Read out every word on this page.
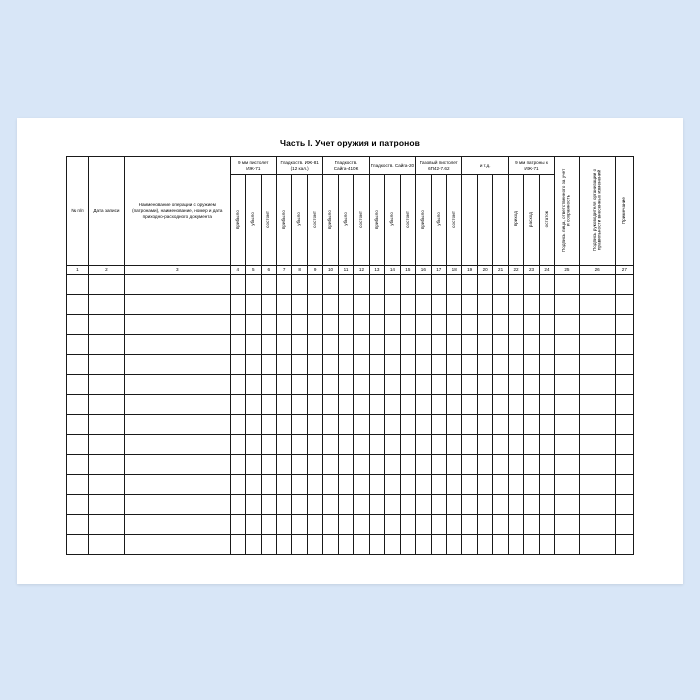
Часть I. Учет оружия и патронов
№ п/п	Дата записи	Наименование операции с оружием (патронами), наименование, номер и дата приходно-расходного документа	9 мм пистолет ИЖ-71			Гладкоств. ИЖ-81 (12 кал.)			Гладкоств. Сайга-410К			Гладкоств. Сайга-20			Газовый пистолет 6П42-7.62			и т.д.			9 мм патроны к ИЖ-71			Подпись лица, ответственного за учет и сохранность	Подпись руководителя организации о правильности внесенных изменений	Примечание
			прибыло	убыло	состоит	прибыло	убыло	состоит	прибыло	убыло	состоит	прибыло	убыло	состоит	прибыло	убыло	состоит				приход	расход	остаток			
1	2	3	4	5	6	7	8	9	10	11	12	13	14	15	16	17	18	19	20	21	22	23	24	25	26	27
